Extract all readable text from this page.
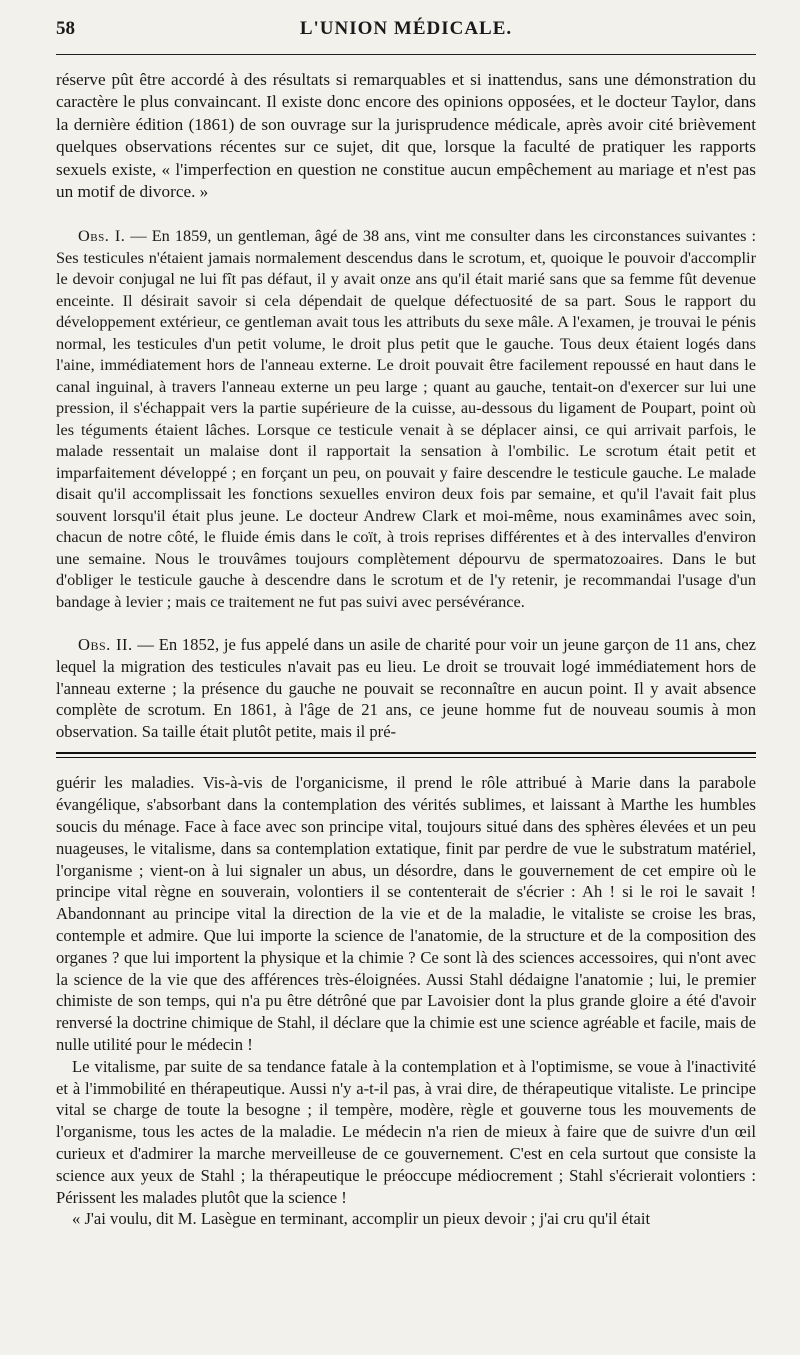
58	L'UNION MÉDICALE.

réserve pût être accordé à des résultats si remarquables et si inattendus, sans une démonstration du caractère le plus convaincant. Il existe donc encore des opinions opposées, et le docteur Taylor, dans la dernière édition (1861) de son ouvrage sur la jurisprudence médicale, après avoir cité brièvement quelques observations récentes sur ce sujet, dit que, lorsque la faculté de pratiquer les rapports sexuels existe, « l'imperfection en question ne constitue aucun empêchement au mariage et n'est pas un motif de divorce. »

Obs. I. — En 1859, un gentleman, âgé de 38 ans, vint me consulter dans les circonstances suivantes : Ses testicules n'étaient jamais normalement descendus dans le scrotum, et, quoique le pouvoir d'accomplir le devoir conjugal ne lui fît pas défaut, il y avait onze ans qu'il était marié sans que sa femme fût devenue enceinte. Il désirait savoir si cela dépendait de quelque défectuosité de sa part. Sous le rapport du développement extérieur, ce gentleman avait tous les attributs du sexe mâle. A l'examen, je trouvai le pénis normal, les testicules d'un petit volume, le droit plus petit que le gauche. Tous deux étaient logés dans l'aine, immédiatement hors de l'anneau externe. Le droit pouvait être facilement repoussé en haut dans le canal inguinal, à travers l'anneau externe un peu large ; quant au gauche, tentait-on d'exercer sur lui une pression, il s'échappait vers la partie supérieure de la cuisse, au-dessous du ligament de Poupart, point où les téguments étaient lâches. Lorsque ce testicule venait à se déplacer ainsi, ce qui arrivait parfois, le malade ressentait un malaise dont il rapportait la sensation à l'ombilic. Le scrotum était petit et imparfaitement développé ; en forçant un peu, on pouvait y faire descendre le testicule gauche. Le malade disait qu'il accomplissait les fonctions sexuelles environ deux fois par semaine, et qu'il l'avait fait plus souvent lorsqu'il était plus jeune. Le docteur Andrew Clark et moi-même, nous examinâmes avec soin, chacun de notre côté, le fluide émis dans le coït, à trois reprises différentes et à des intervalles d'environ une semaine. Nous le trouvâmes toujours complètement dépourvu de spermatozoaires. Dans le but d'obliger le testicule gauche à descendre dans le scrotum et de l'y retenir, je recommandai l'usage d'un bandage à levier ; mais ce traitement ne fut pas suivi avec persévérance.

Obs. II. — En 1852, je fus appelé dans un asile de charité pour voir un jeune garçon de 11 ans, chez lequel la migration des testicules n'avait pas eu lieu. Le droit se trouvait logé immédiatement hors de l'anneau externe ; la présence du gauche ne pouvait se reconnaître en aucun point. Il y avait absence complète de scrotum. En 1861, à l'âge de 21 ans, ce jeune homme fut de nouveau soumis à mon observation. Sa taille était plutôt petite, mais il pré-

guérir les maladies. Vis-à-vis de l'organicisme, il prend le rôle attribué à Marie dans la parabole évangélique, s'absorbant dans la contemplation des vérités sublimes, et laissant à Marthe les humbles soucis du ménage. Face à face avec son principe vital, toujours situé dans des sphères élevées et un peu nuageuses, le vitalisme, dans sa contemplation extatique, finit par perdre de vue le substratum matériel, l'organisme ; vient-on à lui signaler un abus, un désordre, dans le gouvernement de cet empire où le principe vital règne en souverain, volontiers il se contenterait de s'écrier : Ah ! si le roi le savait ! Abandonnant au principe vital la direction de la vie et de la maladie, le vitaliste se croise les bras, contemple et admire. Que lui importe la science de l'anatomie, de la structure et de la composition des organes ? que lui importent la physique et la chimie ? Ce sont là des sciences accessoires, qui n'ont avec la science de la vie que des afférences très-éloignées. Aussi Stahl dédaigne l'anatomie ; lui, le premier chimiste de son temps, qui n'a pu être détrôné que par Lavoisier dont la plus grande gloire a été d'avoir renversé la doctrine chimique de Stahl, il déclare que la chimie est une science agréable et facile, mais de nulle utilité pour le médecin !

Le vitalisme, par suite de sa tendance fatale à la contemplation et à l'optimisme, se voue à l'inactivité et à l'immobilité en thérapeutique. Aussi n'y a-t-il pas, à vrai dire, de thérapeutique vitaliste. Le principe vital se charge de toute la besogne ; il tempère, modère, règle et gouverne tous les mouvements de l'organisme, tous les actes de la maladie. Le médecin n'a rien de mieux à faire que de suivre d'un œil curieux et d'admirer la marche merveilleuse de ce gouvernement. C'est en cela surtout que consiste la science aux yeux de Stahl ; la thérapeutique le préoccupe médiocrement ; Stahl s'écrierait volontiers : Périssent les malades plutôt que la science !

« J'ai voulu, dit M. Lasègue en terminant, accomplir un pieux devoir ; j'ai cru qu'il était
